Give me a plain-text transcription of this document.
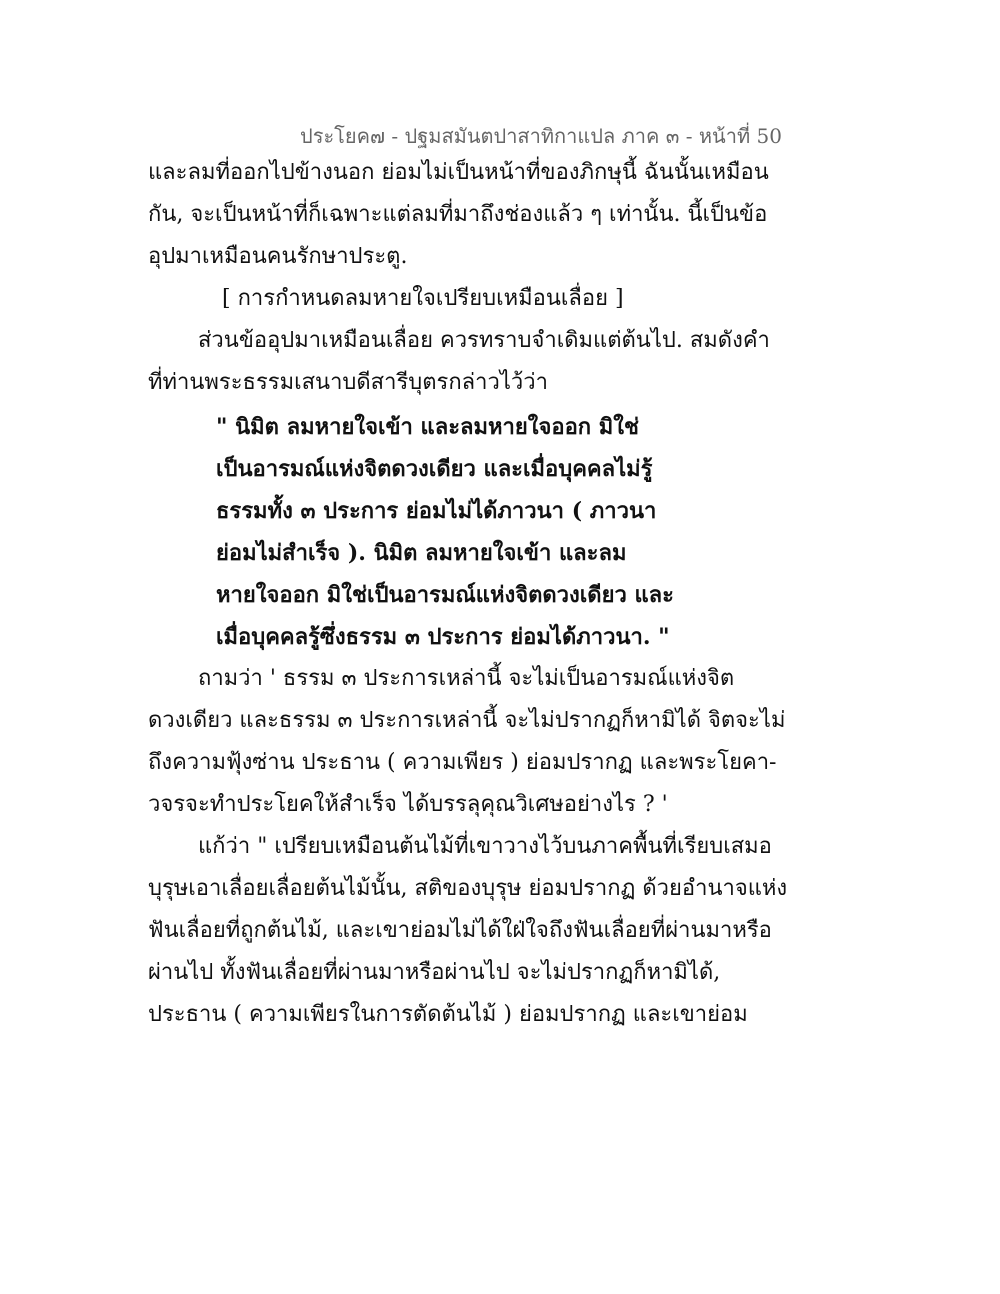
ประโยค๗ - ปฐมสมันตปาสาทิกาแปล ภาค ๓ - หน้าที่ 50
และลมที่ออกไปข้างนอก ย่อมไม่เป็นหน้าที่ของภิกษุนี้ ฉันนั้นเหมือน
กัน, จะเป็นหน้าที่ก็เฉพาะแต่ลมที่มาถึงช่องแล้ว ๆ เท่านั้น. นี้เป็นข้อ
อุปมาเหมือนคนรักษาประตู.
[ การกำหนดลมหายใจเปรียบเหมือนเลื่อย ]
ส่วนข้ออุปมาเหมือนเลื่อย ควรทราบจำเดิมแต่ต้นไป. สมดังคำ
ที่ท่านพระธรรมเสนาบดีสารีบุตรกล่าวไว้ว่า
" นิมิต ลมหายใจเข้า และลมหายใจออก มิใช่
เป็นอารมณ์แห่งจิตดวงเดียว และเมื่อบุคคลไม่รู้
ธรรมทั้ง ๓ ประการ ย่อมไม่ได้ภาวนา ( ภาวนา
ย่อมไม่สำเร็จ ). นิมิต ลมหายใจเข้า และลม
หายใจออก มิใช่เป็นอารมณ์แห่งจิตดวงเดียว และ
เมื่อบุคคลรู้ซึ่งธรรม ๓ ประการ ย่อมได้ภาวนา. "
ถามว่า ' ธรรม ๓ ประการเหล่านี้ จะไม่เป็นอารมณ์แห่งจิต
ดวงเดียว และธรรม ๓ ประการเหล่านี้ จะไม่ปรากฏก็หามิได้ จิตจะไม่
ถึงความฟุ้งซ่าน ประธาน ( ความเพียร ) ย่อมปรากฏ และพระโยคา-
วจรจะทำประโยคให้สำเร็จ ได้บรรลุคุณวิเศษอย่างไร ? '
แก้ว่า " เปรียบเหมือนต้นไม้ที่เขาวางไว้บนภาคพื้นที่เรียบเสมอ
บุรุษเอาเลื่อยเลื่อยต้นไม้นั้น, สติของบุรุษ ย่อมปรากฏ ด้วยอำนาจแห่ง
ฟันเลื่อยที่ถูกต้นไม้, และเขาย่อมไม่ได้ใฝ่ใจถึงฟันเลื่อยที่ผ่านมาหรือ
ผ่านไป ทั้งฟันเลื่อยที่ผ่านมาหรือผ่านไป จะไม่ปรากฏก็หามิได้,
ประธาน ( ความเพียรในการตัดต้นไม้ ) ย่อมปรากฏ และเขาย่อม
